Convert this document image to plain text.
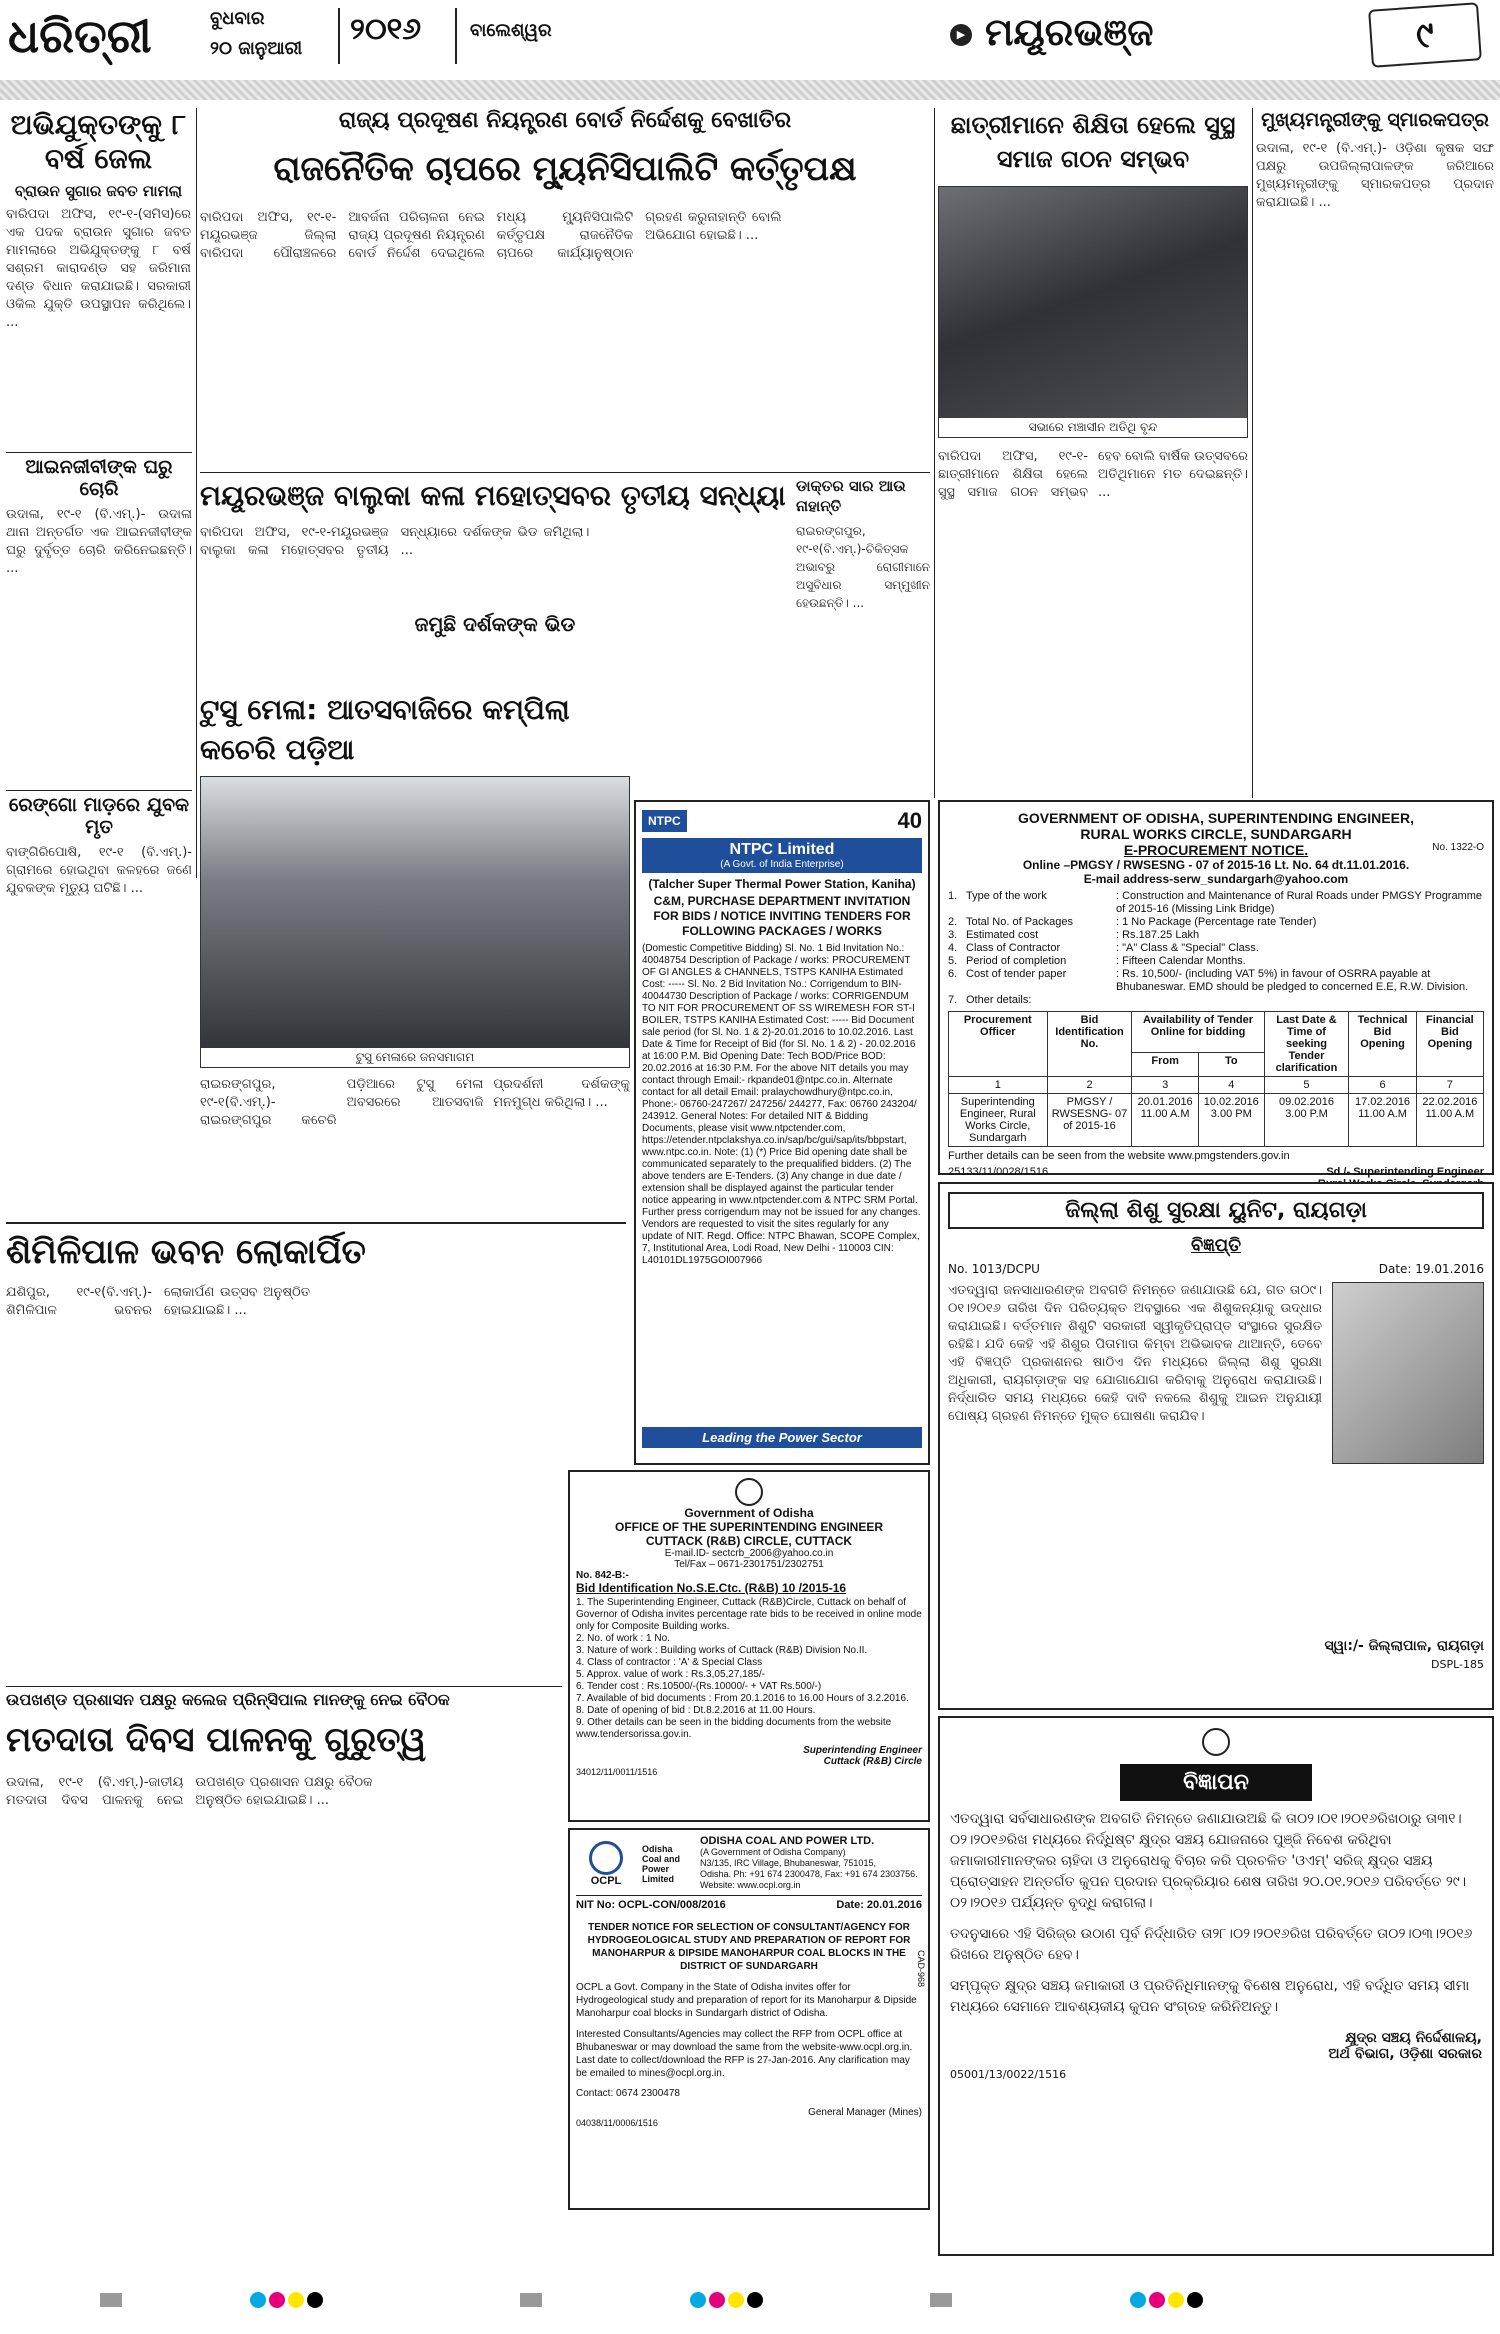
ଧରିତ୍ରୀ	ବୁଧବାର
୨୦ ଜାନୁଆରୀ
୨୦୧୬	ବାଲେଶ୍ୱର	▶ ମୟୂରଭଞ୍ଜ	୯
ଅଭିଯୁକ୍ତଙ୍କୁ ୮ ବର୍ଷ ଜେଲ
ବ୍ରାଉନ ସୁଗାର ଜବତ ମାମଲା
ବାରିପଦା ଅଫିସ, ୧୯-୧-(ସମିସ)ରେ ଏକ ପଦକ ବ୍ରାଉନ ସୁଗାର ଜବତ ମାମଲାରେ ଅଭିଯୁକ୍ତଙ୍କୁ ୮ ବର୍ଷ ସଶ୍ରମ କାରାଦଣ୍ଡ ସହ ଜରିମାନା ଦଣ୍ଡ ବିଧାନ କରାଯାଇଛି। ସରକାରୀ ଓକିଲ ଯୁକ୍ତି ଉପସ୍ଥାପନ କରିଥିଲେ। ...
ରାଜ୍ୟ ପ୍ରଦୂଷଣ ନିୟନ୍ତ୍ରଣ ବୋର୍ଡ ନିର୍ଦ୍ଦେଶକୁ ବେଖାତିର
ରାଜନୈତିକ ଚାପରେ ମ୍ୟୁନିସିପାଲିଟି କର୍ତ୍ତୃପକ୍ଷ
ବାରିପଦା ଅଫିସ, ୧୯-୧-ମୟୂରଭଞ୍ଜ ଜିଲ୍ଲା ବାରିପଦା ପୌରାଞ୍ଚଳରେ ଆବର୍ଜନା ପରିଚାଳନା ନେଇ ରାଜ୍ୟ ପ୍ରଦୂଷଣ ନିୟନ୍ତ୍ରଣ ବୋର୍ଡ ନିର୍ଦ୍ଦେଶ ଦେଇଥିଲେ ମଧ୍ୟ ମ୍ୟୁନିସିପାଲିଟି କର୍ତ୍ତୃପକ୍ଷ ରାଜନୈତିକ ଚାପରେ କାର୍ଯ୍ୟାନୁଷ୍ଠାନ ଗ୍ରହଣ କରୁନାହାନ୍ତି ବୋଲି ଅଭିଯୋଗ ହୋଇଛି। ...
ଛାତ୍ରୀମାନେ ଶିକ୍ଷିତା ହେଲେ ସୁସ୍ଥ ସମାଜ ଗଠନ ସମ୍ଭବ
ସଭାରେ ମଞ୍ଚାସୀନ ଅତିଥି ବୃନ୍ଦ
ବାରିପଦା ଅଫିସ, ୧୯-୧-ଛାତ୍ରୀମାନେ ଶିକ୍ଷିତା ହେଲେ ସୁସ୍ଥ ସମାଜ ଗଠନ ସମ୍ଭବ ହେବ ବୋଲି ବାର୍ଷିକ ଉତ୍ସବରେ ଅତିଥିମାନେ ମତ ଦେଇଛନ୍ତି। ...
ମୁଖ୍ୟମନ୍ତ୍ରୀଙ୍କୁ ସ୍ମାରକପତ୍ର
ଉଦାଳା, ୧୯-୧ (ବି.ଏମ୍.)- ଓଡ଼ିଶା କୃଷକ ସଙ୍ଘ ପକ୍ଷରୁ ଉପଜିଲ୍ଲାପାଳଙ୍କ ଜରିଆରେ ମୁଖ୍ୟମନ୍ତ୍ରୀଙ୍କୁ ସ୍ମାରକପତ୍ର ପ୍ରଦାନ କରାଯାଇଛି। ...
ଆଇନଜୀବୀଙ୍କ ଘରୁ ଚୋରି
ଉଦାଳା, ୧୯-୧ (ବି.ଏମ୍.)- ଉଦାଳା ଥାନା ଅନ୍ତର୍ଗତ ଏକ ଆଇନଜୀବୀଙ୍କ ଘରୁ ଦୁର୍ବୃତ୍ତ ଚୋରି କରିନେଇଛନ୍ତି। ...
ମୟୂରଭଞ୍ଜ ବାଲୁକା କଳା ମହୋତ୍ସବର ତୃତୀୟ ସନ୍ଧ୍ୟା
ବାରିପଦା ଅଫିସ, ୧୯-୧-ମୟୂରଭଞ୍ଜ ବାଲୁକା କଳା ମହୋତ୍ସବର ତୃତୀୟ ସନ୍ଧ୍ୟାରେ ଦର୍ଶକଙ୍କ ଭିଡ ଜମିଥିଲା। ...
ଜମୁଛି ଦର୍ଶକଙ୍କ ଭିଡ
ଡାକ୍ତର ସାର ଆଉ ନାହାନ୍ତି
ରାଇରଙ୍ଗପୁର, ୧୯-୧(ବି.ଏମ୍.)-ଚିକିତ୍ସକ ଅଭାବରୁ ରୋଗୀମାନେ ଅସୁବିଧାର ସମ୍ମୁଖୀନ ହେଉଛନ୍ତି। ...
NTPC	40
NTPC Limited
(A Govt. of India Enterprise)
(Talcher Super Thermal Power Station, Kaniha)
C&M, PURCHASE DEPARTMENT INVITATION FOR BIDS / NOTICE INVITING TENDERS FOR FOLLOWING PACKAGES / WORKS
(Domestic Competitive Bidding) Sl. No. 1 Bid Invitation No.: 40048754 Description of Package / works: PROCUREMENT OF GI ANGLES & CHANNELS, TSTPS KANIHA Estimated Cost: ----- Sl. No. 2 Bid Invitation No.: Corrigendum to BIN-40044730 Description of Package / works: CORRIGENDUM TO NIT FOR PROCUREMENT OF SS WIREMESH FOR ST-I BOILER, TSTPS KANIHA Estimated Cost: ----- Bid Document sale period (for Sl. No. 1 & 2)-20.01.2016 to 10.02.2016. Last Date & Time for Receipt of Bid (for Sl. No. 1 & 2) - 20.02.2016 at 16:00 P.M. Bid Opening Date: Tech BOD/Price BOD: 20.02.2016 at 16:30 P.M. For the above NIT details you may contact through Email:- rkpande01@ntpc.co.in. Alternate contact for all detail Email: pralaychowdhury@ntpc.co.in, Phone:- 06760-247267/ 247256/ 244277, Fax: 06760 243204/ 243912. General Notes: For detailed NIT & Bidding Documents, please visit www.ntpctender.com, https://etender.ntpclakshya.co.in/sap/bc/gui/sap/its/bbpstart, www.ntpc.co.in. Note: (1) (*) Price Bid opening date shall be communicated separately to the prequalified bidders. (2) The above tenders are E-Tenders. (3) Any change in due date / extension shall be displayed against the particular tender notice appearing in www.ntpctender.com & NTPC SRM Portal. Further press corrigendum may not be issued for any changes. Vendors are requested to visit the sites regularly for any update of NIT. Regd. Office: NTPC Bhawan, SCOPE Complex, 7, Institutional Area, Lodi Road, New Delhi - 110003 CIN: L40101DL1975GOI007966
Leading the Power Sector
ଟୁସୁ ମେଳା: ଆତସବାଜିରେ କମ୍ପିଲା କଚେରି ପଡ଼ିଆ
ଟୁସୁ ମେଳାରେ ଜନସମାଗମ
ରାଇରଙ୍ଗପୁର, ୧୯-୧(ବି.ଏମ୍.)-ରାଇରଙ୍ଗପୁର କଚେରି ପଡ଼ିଆରେ ଟୁସୁ ମେଳା ଅବସରରେ ଆତସବାଜି ପ୍ରଦର୍ଶନୀ ଦର୍ଶକଙ୍କୁ ମନମୁଗ୍ଧ କରିଥିଲା। ...
ରେଙ୍ଗୋ ମାଡ଼ରେ ଯୁବକ ମୃତ
ବାଙ୍ଗିରିପୋଷି, ୧୯-୧ (ବି.ଏମ୍.)- ଗ୍ରାମରେ ହୋଇଥିବା କଳହରେ ଜଣେ ଯୁବକଙ୍କ ମୃତ୍ୟୁ ଘଟିଛି। ...
GOVERNMENT OF ODISHA, SUPERINTENDING ENGINEER,
RURAL WORKS CIRCLE, SUNDARGARH
E-PROCUREMENT NOTICE.	No. 1322-O
Online –PMGSY / RWSESNG - 07 of 2015-16 Lt. No. 64 dt.11.01.2016.
E-mail address-serw_sundargarh@yahoo.com
1. Type of the work	: Construction and Maintenance of Rural Roads under PMGSY Programme of 2015-16 (Missing Link Bridge)
2. Total No. of Packages	: 1 No Package (Percentage rate Tender)
3. Estimated cost	: Rs.187.25 Lakh
4. Class of Contractor	: "A" Class & "Special" Class.
5. Period of completion	: Fifteen Calendar Months.
6. Cost of tender paper	: Rs. 10,500/- (including VAT 5%) in favour of OSRRA payable at Bhubaneswar. EMD should be pledged to concerned E.E, R.W. Division.
7. Other details:
Procurement Officer	Bid Identification No.	Availability of Tender Online for bidding		Last Date & Time of seeking Tender clarification	Technical Bid Opening	Financial Bid Opening
		From	To			
1	2	3	4	5	6	7
Superintending Engineer, Rural Works Circle, Sundargarh	PMGSY / RWSESNG- 07 of 2015-16	20.01.2016 11.00 A.M	10.02.2016 3.00 PM	09.02.2016 3.00 P.M	17.02.2016 11.00 A.M	22.02.2016 11.00 A.M
Further details can be seen from the website www.pmgstenders.gov.in
25133/11/0028/1516	Sd./- Superintending Engineer
ଜିଲ୍ଲା ଶିଶୁ ସୁରକ୍ଷା ୟୁନିଟ, ରାୟଗଡ଼ା
ବିଜ୍ଞପ୍ତି
No. 1013/DCPU	Date: 19.01.2016
ଏତଦ୍ୱାରା ଜନସାଧାରଣଙ୍କ ଅବଗତି ନିମନ୍ତେ ଜଣାଯାଉଛି ଯେ, ଗତ ତା୦୯।୦୧।୨୦୧୬ ତାରିଖ ଦିନ ପରିତ୍ୟକ୍ତ ଅବସ୍ଥାରେ ଏକ ଶିଶୁକନ୍ୟାକୁ ଉଦ୍ଧାର କରାଯାଇଛି। ବର୍ତ୍ତମାନ ଶିଶୁଟି ସରକାରୀ ସ୍ୱୀକୃତିପ୍ରାପ୍ତ ସଂସ୍ଥାରେ ସୁରକ୍ଷିତ ରହିଛି। ଯଦି କେହି ଏହି ଶିଶୁର ପିତାମାତା କିମ୍ବା ଅଭିଭାବକ ଥାଆନ୍ତି, ତେବେ ଏହି ବିଜ୍ଞପ୍ତି ପ୍ରକାଶନର ଷାଠିଏ ଦିନ ମଧ୍ୟରେ ଜିଲ୍ଲା ଶିଶୁ ସୁରକ୍ଷା ଅଧିକାରୀ, ରାୟଗଡ଼ାଙ୍କ ସହ ଯୋଗାଯୋଗ କରିବାକୁ ଅନୁରୋଧ କରାଯାଉଛି। ନିର୍ଦ୍ଧାରିତ ସମୟ ମଧ୍ୟରେ କେହି ଦାବି ନକଲେ ଶିଶୁକୁ ଆଇନ ଅନୁଯାୟୀ ପୋଷ୍ୟ ଗ୍ରହଣ ନିମନ୍ତେ ମୁକ୍ତ ଘୋଷଣା କରାଯିବ।
ସ୍ୱା:/- ଜିଲ୍ଲାପାଳ, ରାୟଗଡ଼ା
DSPL-185
ଶିମିଳିପାଳ ଭବନ ଲୋକାର୍ପିତ
ଯଶିପୁର, ୧୯-୧(ବି.ଏମ୍.)-ଶିମିଳିପାଳ ଭବନର ଲୋକାର୍ପଣ ଉତ୍ସବ ଅନୁଷ୍ଠିତ ହୋଇଯାଇଛି। ...
Government of Odisha
OFFICE OF THE SUPERINTENDING ENGINEER
CUTTACK (R&B) CIRCLE, CUTTACK
E-mail.ID- sectcrb_2006@yahoo.co.in
Tel/Fax – 0671-2301751/2302751
No. 842-B:-
Bid Identification No.S.E.Ctc. (R&B) 10 /2015-16
1. The Superintending Engineer, Cuttack (R&B)Circle, Cuttack on behalf of Governor of Odisha invites percentage rate bids to be received in online mode only for Composite Building works.
2. No. of work : 1 No.
3. Nature of work : Building works of Cuttack (R&B) Division No.II.
4. Class of contractor : 'A' & Special Class
5. Approx. value of work : Rs.3,05,27,185/-
6. Tender cost : Rs.10500/-(Rs.10000/- + VAT Rs.500/-)
7. Available of bid documents : From 20.1.2016 to 16.00 Hours of 3.2.2016.
8. Date of opening of bid : Dt.8.2.2016 at 11.00 Hours.
9. Other details can be seen in the bidding documents from the website www.tendersorissa.gov.in.
Superintending Engineer
Cuttack (R&B) Circle
34012/11/0011/1516
OCPL
Odisha Coal and Power Limited
ODISHA COAL AND POWER LTD.
(A Government of Odisha Company)
N3/135, IRC Village, Bhubaneswar, 751015,
Odisha. Ph: +91 674 2300478, Fax: +91 674 2303756. Website: www.ocpl.org.in
NIT No: OCPL-CON/008/2016	Date: 20.01.2016
CAD-968
TENDER NOTICE FOR SELECTION OF CONSULTANT/AGENCY FOR HYDROGEOLOGICAL STUDY AND PREPARATION OF REPORT FOR MANOHARPUR & DIPSIDE MANOHARPUR COAL BLOCKS IN THE DISTRICT OF SUNDARGARH
OCPL a Govt. Company in the State of Odisha invites offer for Hydrogeological study and preparation of report for its Manoharpur & Dipside Manoharpur coal blocks in Sundargarh district of Odisha.
Interested Consultants/Agencies may collect the RFP from OCPL office at Bhubaneswar or may download the same from the website-www.ocpl.org.in. Last date to collect/download the RFP is 27-Jan-2016. Any clarification may be emailed to mines@ocpl.org.in.
Contact: 0674 2300478
General Manager (Mines)
04038/11/0006/1516
ଉପଖଣ୍ଡ ପ୍ରଶାସନ ପକ୍ଷରୁ କଲେଜ ପ୍ରିନ୍ସିପାଲ ମାନଙ୍କୁ ନେଇ ବୈଠକ
ମତଦାତା ଦିବସ ପାଳନକୁ ଗୁରୁତ୍ୱ
ଉଦାଳା, ୧୯-୧ (ବି.ଏମ୍.)-ଜାତୀୟ ମତଦାତା ଦିବସ ପାଳନକୁ ନେଇ ଉପଖଣ୍ଡ ପ୍ରଶାସନ ପକ୍ଷରୁ ବୈଠକ ଅନୁଷ୍ଠିତ ହୋଇଯାଇଛି। ...
ବିଜ୍ଞାପନ
ଏତଦ୍ୱାରା ସର୍ବସାଧାରଣଙ୍କ ଅବଗତି ନିମନ୍ତେ ଜଣାଯାଉଅଛି କି ତା୦୨।୦୧।୨୦୧୬ରିଖଠାରୁ ତା୩୧।୦୨।୨୦୧୬ରିଖ ମଧ୍ୟରେ ନିର୍ଦ୍ଧିଷ୍ଟ କ୍ଷୁଦ୍ର ସଞ୍ଚୟ ଯୋଜନାରେ ପୁଞ୍ଜି ନିବେଶ କରିଥିବା ଜମାକାରୀମାନଙ୍କର ଚାହିଦା ଓ ଅନୁରୋଧକୁ ବିଚାର କରି ପ୍ରଚଳିତ 'ଓଏମ୍' ସରିଜ୍ କ୍ଷୁଦ୍ର ସଞ୍ଚୟ ପ୍ରୋତ୍ସାହନ ଅନ୍ତର୍ଗତ କୁପନ ପ୍ରଦାନ ପ୍ରକ୍ରିୟାର ଶେଷ ତାରିଖ ୨୦.୦୧.୨୦୧୬ ପରିବର୍ତ୍ତେ ୨୯।୦୨।୨୦୧୬ ପର୍ଯ୍ୟନ୍ତ ବୃଦ୍ଧି କରାଗଲା।
ତଦନୁସାରେ ଏହି ସିରିଜ୍‌ର ଉଠାଣ ପୂର୍ବ ନିର୍ଦ୍ଧାରିତ ତା୨୮।୦୨।୨୦୧୬ରିଖ ପରିବର୍ତ୍ତେ ତା୦୨।୦୩।୨୦୧୬ ରିଖରେ ଅନୁଷ୍ଠିତ ହେବ।
ସମ୍ପୃକ୍ତ କ୍ଷୁଦ୍ର ସଞ୍ଚୟ ଜମାକାରୀ ଓ ପ୍ରତିନିଧିମାନଙ୍କୁ ବିଶେଷ ଅନୁରୋଧ, ଏହି ବର୍ଦ୍ଧିତ ସମୟ ସୀମା ମଧ୍ୟରେ ସେମାନେ ଆବଶ୍ୟକୀୟ କୁପନ ସଂଗ୍ରହ କରିନିଅନ୍ତୁ।
କ୍ଷୁଦ୍ର ସଞ୍ଚୟ ନିର୍ଦ୍ଦେଶାଳୟ,
ଅର୍ଥ ବିଭାଗ, ଓଡ଼ିଶା ସରକାର
05001/13/0022/1516
